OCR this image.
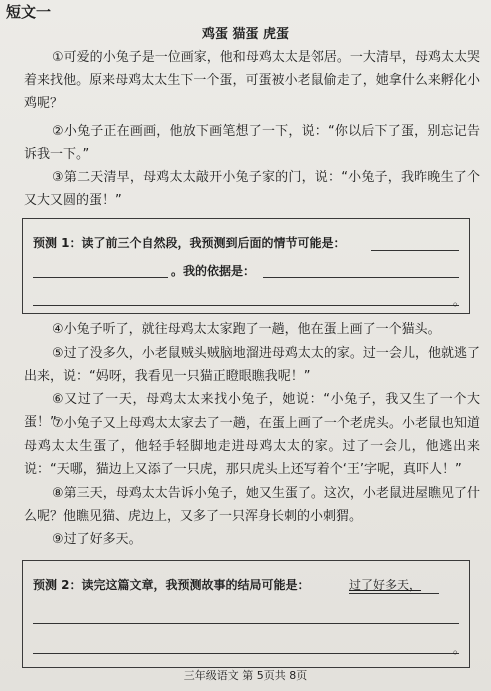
短文一
鸡蛋 猫蛋 虎蛋

①可爱的小兔子是一位画家，他和母鸡太太是邻居。一大清早，母鸡太太哭着来找他。原来母鸡太太生下一个蛋，可蛋被小老鼠偷走了，她拿什么来孵化小鸡呢？

②小兔子正在画画，他放下画笔想了一下，说：“你以后下了蛋，别忘记告诉我一下。”

③第二天清早，母鸡太太敲开小兔子家的门，说：“小兔子，我昨晚生了个又大又圆的蛋！”

预测 1：读了前三个自然段，我预测到后面的情节可能是：
。我的依据是：
。

④小兔子听了，就往母鸡太太家跑了一趟，他在蛋上画了一个猫头。

⑤过了没多久，小老鼠贼头贼脑地溜进母鸡太太的家。过一会儿，他就逃了出来，说：“妈呀，我看见一只猫正瞪眼瞧我呢！”

⑥又过了一天，母鸡太太来找小兔子，她说：“小兔子，我又生了一个大蛋！”

⑦小兔子又上母鸡太太家去了一趟，在蛋上画了一个老虎头。小老鼠也知道母鸡太太生蛋了，他轻手轻脚地走进母鸡太太的家。过了一会儿，他逃出来说：“天哪，猫边上又添了一只虎，那只虎头上还写着个‘王’字呢，真吓人！”

⑧第三天，母鸡太太告诉小兔子，她又生蛋了。这次，小老鼠进屋瞧见了什么呢？他瞧见猫、虎边上，又多了一只浑身长刺的小刺猬。

⑨过了好多天。

预测 2：读完这篇文章，我预测故事的结局可能是：	过了好多天，
。
三年级语文 第 5页共 8页
